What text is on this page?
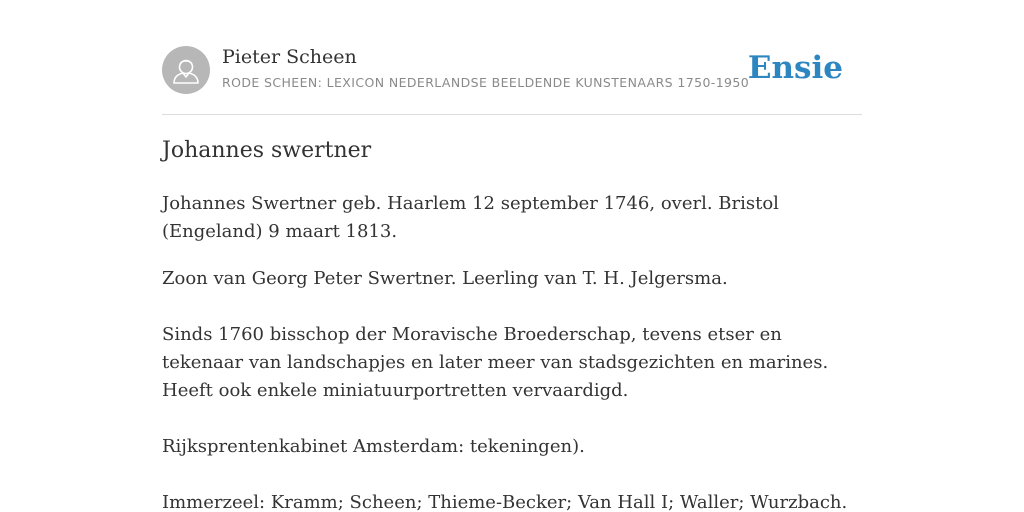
Pieter Scheen
RODE SCHEEN: LEXICON NEDERLANDSE BEELDENDE KUNSTENAARS 1750-1950
Ensie
Johannes swertner

Johannes Swertner geb. Haarlem 12 september 1746, overl. Bristol (Engeland) 9 maart 1813.

Zoon van Georg Peter Swertner. Leerling van T. H. Jelgersma.

Sinds 1760 bisschop der Moravische Broederschap, tevens etser en tekenaar van landschapjes en later meer van stadsgezichten en marines. Heeft ook enkele miniatuurportretten vervaardigd.

Rijksprentenkabinet Amsterdam: tekeningen).

Immerzeel: Kramm; Scheen; Thieme-Becker; Van Hall I; Waller; Wurzbach.
